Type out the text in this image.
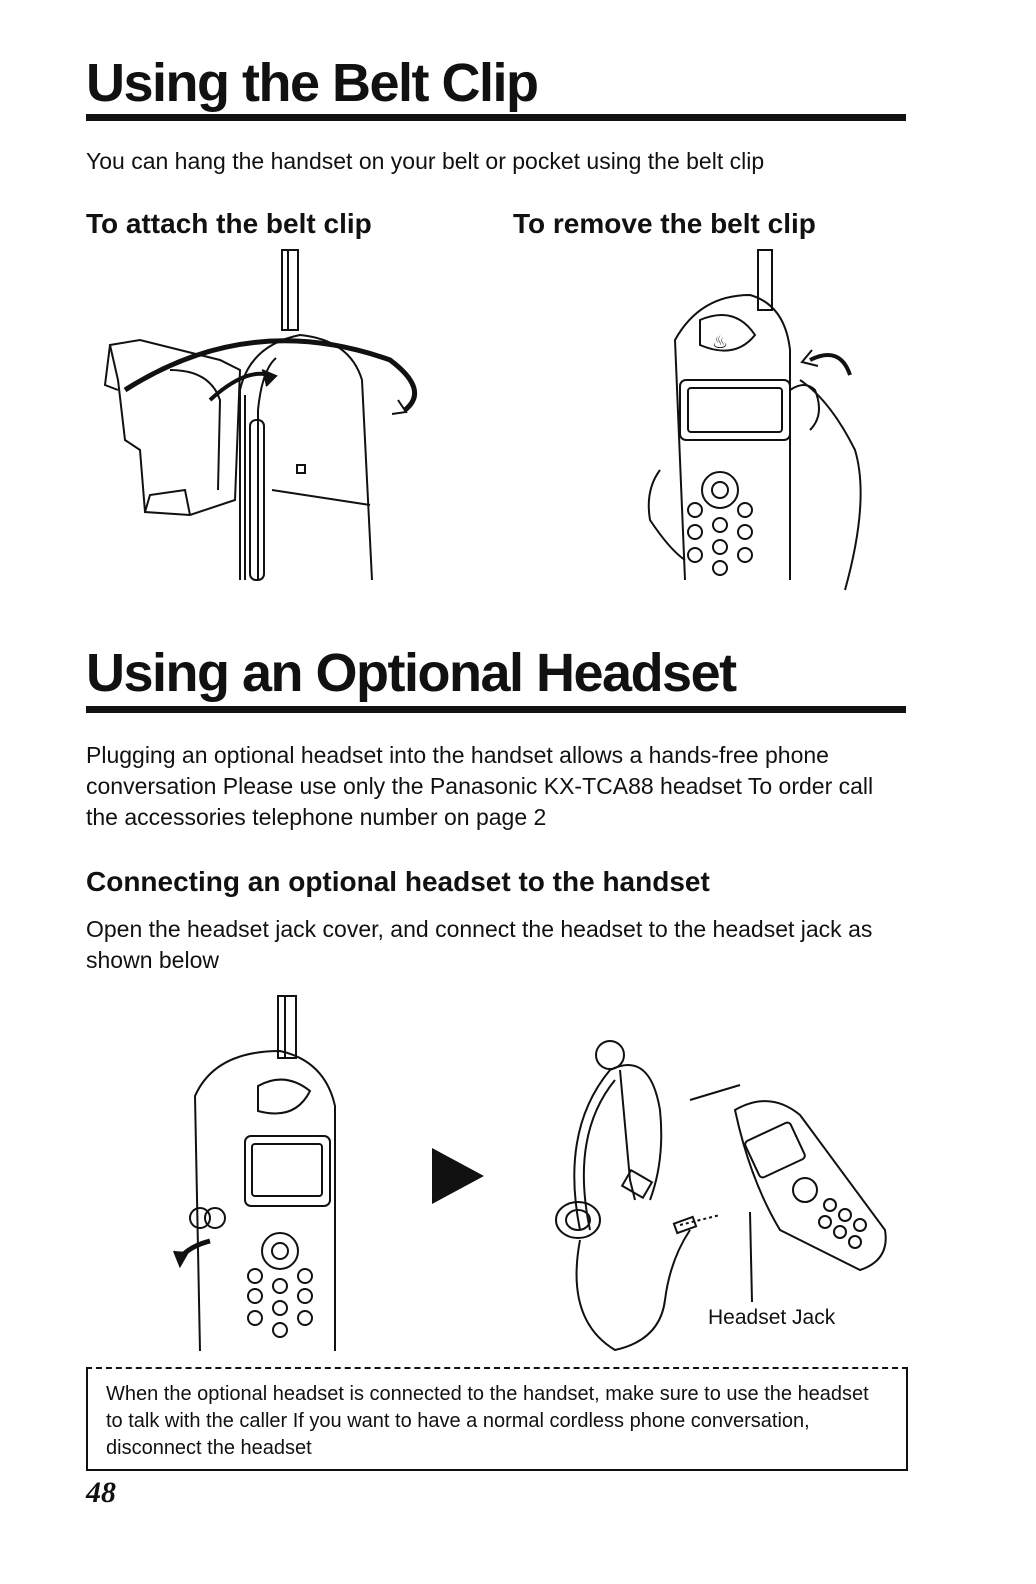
Using the Belt Clip
You can hang the handset on your belt or pocket using the belt clip
To attach the belt clip	To remove the belt clip
♨
Using an Optional Headset
Plugging an optional headset into the handset allows a hands-free phone conversation Please use only the Panasonic KX-TCA88 headset To order call the accessories telephone number on page 2
Connecting an optional headset to the handset
Open the headset jack cover, and connect the headset to the headset jack as shown below
Headset Jack
When the optional headset is connected to the handset, make sure to use the headset to talk with the caller If you want to have a normal cordless phone conversation, disconnect the headset
48
